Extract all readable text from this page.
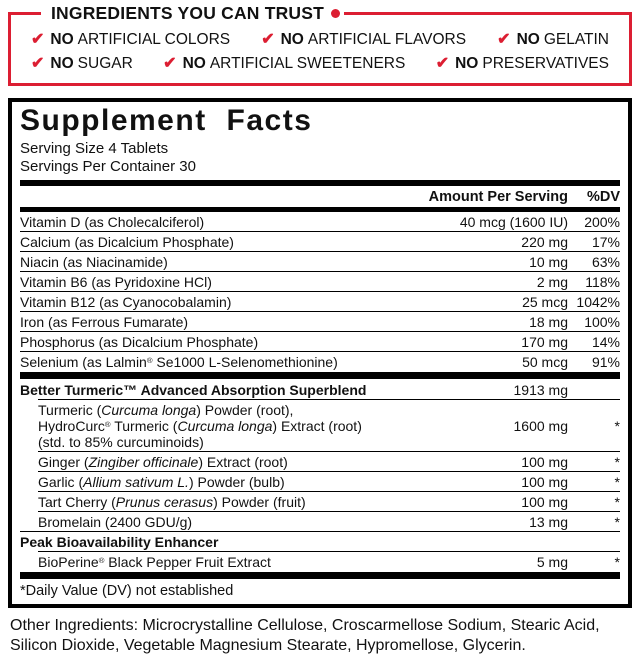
INGREDIENTS YOU CAN TRUST
✔ NO ARTIFICIAL COLORS ✔ NO ARTIFICIAL FLAVORS ✔ NO GELATIN
✔ NO SUGAR ✔ NO ARTIFICIAL SWEETENERS ✔ NO PRESERVATIVES
Supplement Facts
Serving Size 4 Tablets
Servings Per Container 30
Amount Per Serving	%DV
Vitamin D (as Cholecalciferol)	40 mcg (1600 IU)	200%
Calcium (as Dicalcium Phosphate)	220 mg	17%
Niacin (as Niacinamide)	10 mg	63%
Vitamin B6 (as Pyridoxine HCl)	2 mg	118%
Vitamin B12 (as Cyanocobalamin)	25 mcg 1042%
Iron (as Ferrous Fumarate)	18 mg	100%
Phosphorus (as Dicalcium Phosphate)	170 mg	14%
Selenium (as Lalmin® Se1000 L-Selenomethionine)	50 mcg	91%
Better Turmeric™ Advanced Absorption Superblend	1913 mg
Turmeric (Curcuma longa) Powder (root),
HydroCurc® Turmeric (Curcuma longa) Extract (root)
(std. to 85% curcuminoids)
1600 mg	*
Ginger (Zingiber officinale) Extract (root)	100 mg	*
Garlic (Allium sativum L.) Powder (bulb)	100 mg	*
Tart Cherry (Prunus cerasus) Powder (fruit)	100 mg	*
Bromelain (2400 GDU/g)	13 mg	*
Peak Bioavailability Enhancer
BioPerine® Black Pepper Fruit Extract	5 mg	*
*Daily Value (DV) not established
Other Ingredients: Microcrystalline Cellulose, Croscarmellose Sodium, Stearic Acid, Silicon Dioxide, Vegetable Magnesium Stearate, Hypromellose, Glycerin.
